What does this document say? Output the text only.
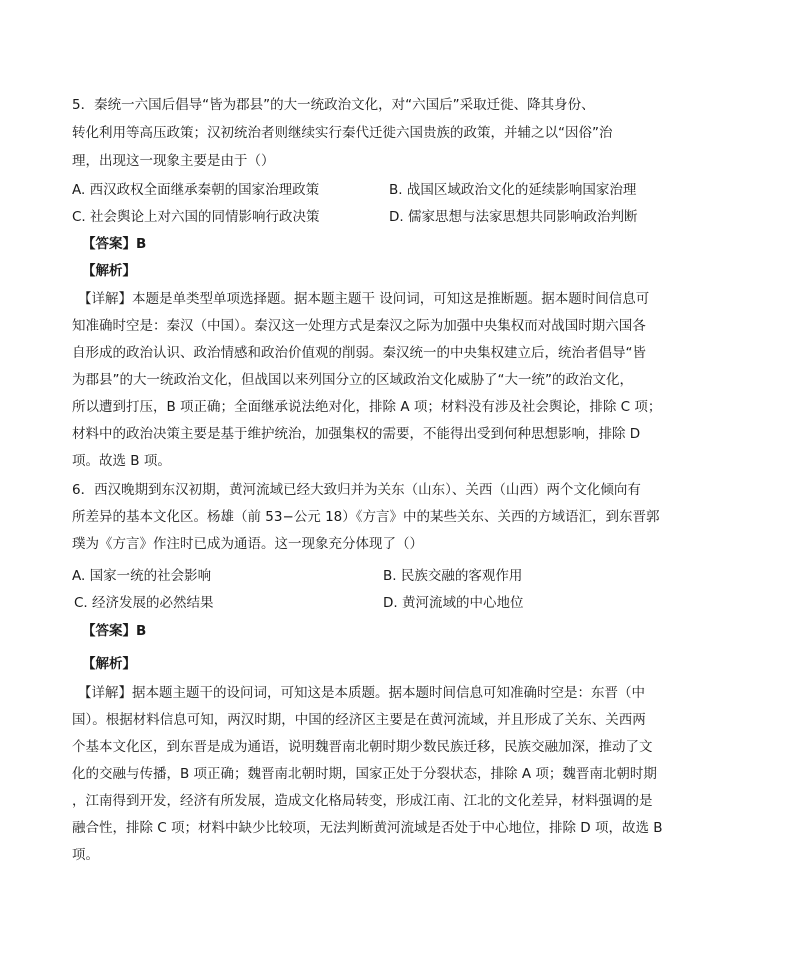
5．秦统一六国后倡导“皆为郡县”的大一统政治文化，对“六国后”采取迁徙、降其身份、
转化利用等高压政策；汉初统治者则继续实行秦代迁徙六国贵族的政策，并辅之以“因俗”治
理，出现这一现象主要是由于（）
A. 西汉政权全面继承秦朝的国家治理政策	B. 战国区域政治文化的延续影响国家治理
C. 社会舆论上对六国的同情影响行政决策	D. 儒家思想与法家思想共同影响政治判断
【答案】B
【解析】
【详解】本题是单类型单项选择题。据本题主题干 设问词，可知这是推断题。据本题时间信息可
知准确时空是：秦汉（中国）。秦汉这一处理方式是秦汉之际为加强中央集权而对战国时期六国各
自形成的政治认识、政治情感和政治价值观的削弱。秦汉统一的中央集权建立后，统治者倡导“皆
为郡县”的大一统政治文化，但战国以来列国分立的区域政治文化威胁了“大一统”的政治文化，
所以遭到打压，B 项正确；全面继承说法绝对化，排除 A 项；材料没有涉及社会舆论，排除 C 项；
材料中的政治决策主要是基于维护统治，加强集权的需要，不能得出受到何种思想影响，排除 D
项。故选 B 项。
6．西汉晚期到东汉初期，黄河流域已经大致归并为关东（山东）、关西（山西）两个文化倾向有
所差异的基本文化区。杨雄（前 53−公元 18）《方言》中的某些关东、关西的方域语汇，到东晋郭
璞为《方言》作注时已成为通语。这一现象充分体现了（）
A. 国家一统的社会影响	B. 民族交融的客观作用
C. 经济发展的必然结果	D. 黄河流域的中心地位
【答案】B
【解析】
【详解】据本题主题干的设问词，可知这是本质题。据本题时间信息可知准确时空是：东晋（中
国）。根据材料信息可知，两汉时期，中国的经济区主要是在黄河流域，并且形成了关东、关西两
个基本文化区，到东晋是成为通语，说明魏晋南北朝时期少数民族迁移，民族交融加深，推动了文
化的交融与传播，B 项正确；魏晋南北朝时期，国家正处于分裂状态，排除 A 项；魏晋南北朝时期
，江南得到开发，经济有所发展，造成文化格局转变，形成江南、江北的文化差异，材料强调的是
融合性，排除 C 项；材料中缺少比较项，无法判断黄河流域是否处于中心地位，排除 D 项，故选 B
项。
